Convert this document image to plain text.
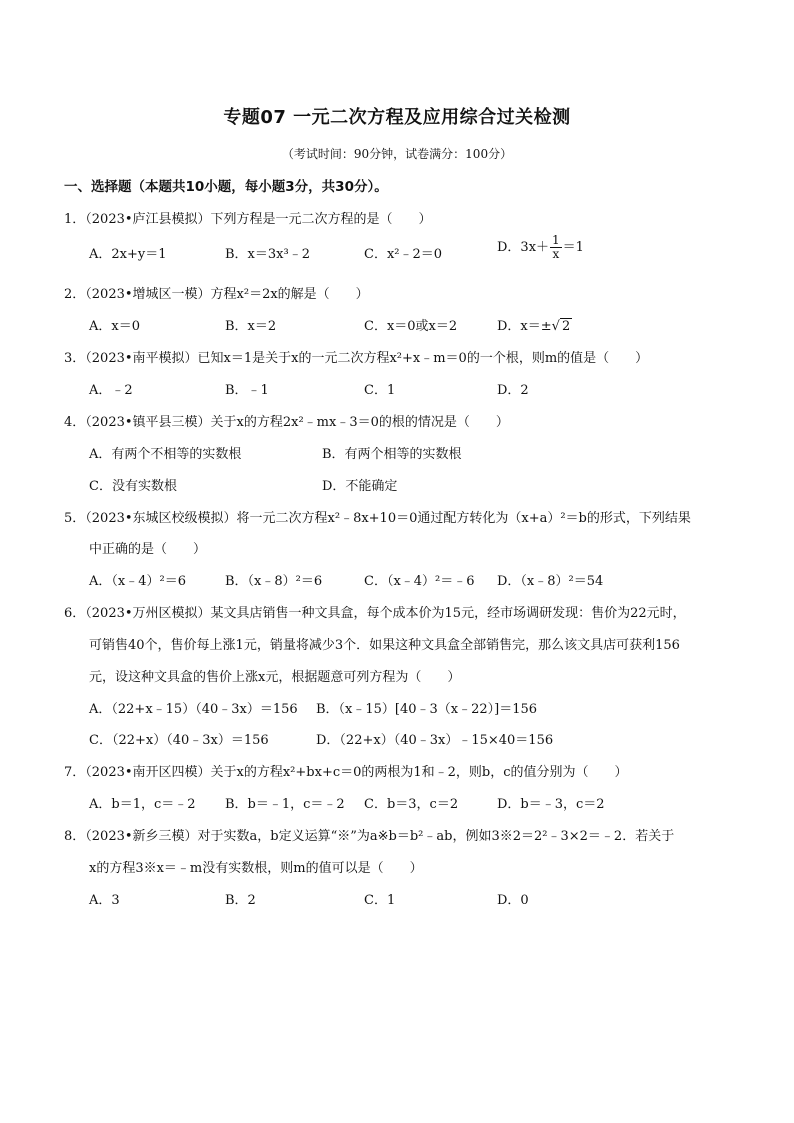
专题07 一元二次方程及应用综合过关检测
（考试时间：90分钟，试卷满分：100分）
一、选择题（本题共10小题，每小题3分，共30分）。
1．（2023•庐江县模拟）下列方程是一元二次方程的是（　　）
A．2x+y＝1	B．x＝3x³﹣2	C．x²﹣2＝0	D．$3x+ \frac{1}{x} =1$
2．（2023•增城区一模）方程x²＝2x的解是（　　）
A．x＝0	B．x＝2	C．x＝0或x＝2	D．x＝±√ 2
3．（2023•南平模拟）已知x＝1是关于x的一元二次方程x²+x﹣m＝0的一个根，则m的值是（　　）
A．﹣2	B．﹣1	C．1	D．2
4．（2023•镇平县三模）关于x的方程2x²﹣mx﹣3＝0的根的情况是（　　）
A．有两个不相等的实数根	B．有两个相等的实数根
C．没有实数根	D．不能确定
5．（2023•东城区校级模拟）将一元二次方程x²﹣8x+10＝0通过配方转化为（x+a）²＝b的形式，下列结果
中正确的是（　　）
A．（x﹣4）²＝6	B．（x﹣8）²＝6	C．（x﹣4）²＝﹣6 D．（x﹣8）²＝54
6．（2023•万州区模拟）某文具店销售一种文具盒，每个成本价为15元，经市场调研发现：售价为22元时，
可销售40个，售价每上涨1元，销量将减少3个．如果这种文具盒全部销售完，那么该文具店可获利156
元，设这种文具盒的售价上涨x元，根据题意可列方程为（　　）
A．（22+x﹣15）（40﹣3x）＝156 B．（x﹣15）[40﹣3（x﹣22）]＝156
C．（22+x）（40﹣3x）＝156	D．（22+x）（40﹣3x）﹣15×40＝156
7．（2023•南开区四模）关于x的方程x²+bx+c＝0的两根为1和﹣2，则b，c的值分别为（　　）
A．b＝1，c＝﹣2 B．b＝﹣1，c＝﹣2 C．b＝3，c＝2	D．b＝﹣3，c＝2
8．（2023•新乡三模）对于实数a，b定义运算“※”为a※b＝b²﹣ab，例如3※2＝2²﹣3×2＝﹣2．若关于
x的方程3※x＝﹣m没有实数根，则m的值可以是（　　）
A．3	B．2	C．1	D．0
